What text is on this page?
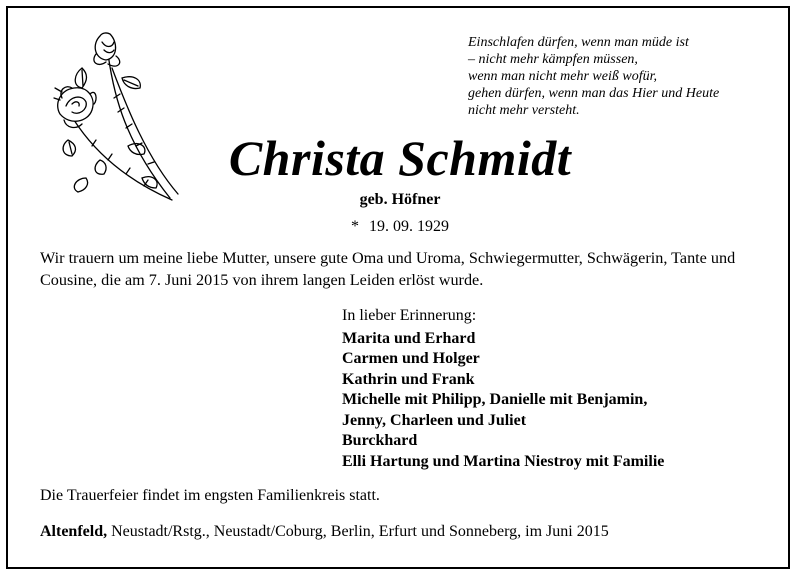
Einschlafen dürfen, wenn man müde ist
– nicht mehr kämpfen müssen,
wenn man nicht mehr weiß wofür,
gehen dürfen, wenn man das Hier und Heute
nicht mehr versteht.
Christa Schmidt
geb. Höfner
* 19. 09. 1929
Wir trauern um meine liebe Mutter, unsere gute Oma und Uroma, Schwiegermutter, Schwägerin, Tante und Cousine, die am 7. Juni 2015 von ihrem langen Leiden erlöst wurde.
In lieber Erinnerung:
Marita und Erhard
Carmen und Holger
Kathrin und Frank
Michelle mit Philipp, Danielle mit Benjamin,
Jenny, Charleen und Juliet
Burckhard
Elli Hartung und Martina Niestroy mit Familie
Die Trauerfeier findet im engsten Familienkreis statt.
Altenfeld, Neustadt/Rstg., Neustadt/Coburg, Berlin, Erfurt und Sonneberg, im Juni 2015
